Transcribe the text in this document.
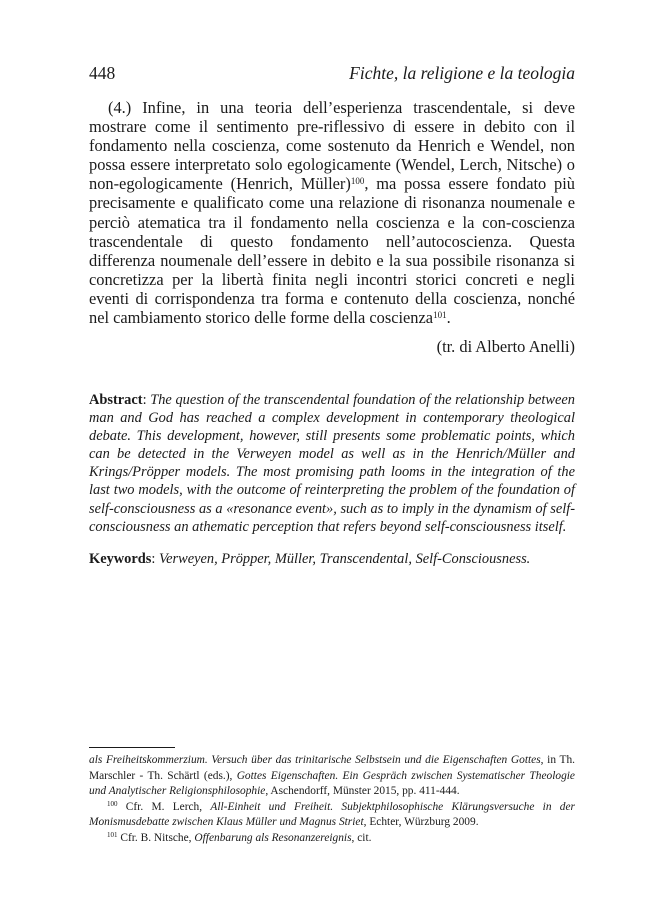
448	Fichte, la religione e la teologia

(4.) Infine, in una teoria dell’esperienza trascendentale, si deve mostrare come il sentimento pre-riflessivo di essere in debito con il fondamento nella coscienza, come sostenuto da Henrich e Wendel, non possa essere interpretato solo egologicamente (Wendel, Lerch, Nitsche) o non-egologicamente (Henrich, Müller)$^{100}$, ma possa essere fondato più precisamente e qualificato come una relazione di risonanza noumenale e perciò atematica tra il fondamento nella coscienza e la con-coscienza trascendentale di questo fondamento nell’autocoscienza. Questa differenza noumenale dell’essere in debito e la sua possibile risonanza si concretizza per la libertà finita negli incontri storici concreti e negli eventi di corrispondenza tra forma e contenuto della coscienza, nonché nel cambiamento storico delle forme della coscienza$^{101}$.

(tr. di Alberto Anelli)

Abstract: The question of the transcendental foundation of the relationship between man and God has reached a complex development in contemporary theological debate. This development, however, still presents some problematic points, which can be detected in the Verweyen model as well as in the Henrich/Müller and Krings/Pröpper models. The most promising path looms in the integration of the last two models, with the outcome of reinterpreting the problem of the foundation of self-consciousness as a «resonance event», such as to imply in the dynamism of self-consciousness an athematic perception that refers beyond self-consciousness itself.

Keywords: Verweyen, Pröpper, Müller, Transcendental, Self-Consciousness.

als Freiheitskommerzium. Versuch über das trinitarische Selbstsein und die Eigenschaften Gottes, in Th. Marschler - Th. Schärtl (eds.), Gottes Eigenschaften. Ein Gespräch zwischen Systematischer Theologie und Analytischer Religionsphilosophie, Aschendorff, Münster 2015, pp. 411-444.

$^{100}$ Cfr. M. Lerch, All-Einheit und Freiheit. Subjektphilosophische Klärungsversuche in der Monismusdebatte zwischen Klaus Müller und Magnus Striet, Echter, Würzburg 2009.

$^{101}$ Cfr. B. Nitsche, Offenbarung als Resonanzereignis, cit.
